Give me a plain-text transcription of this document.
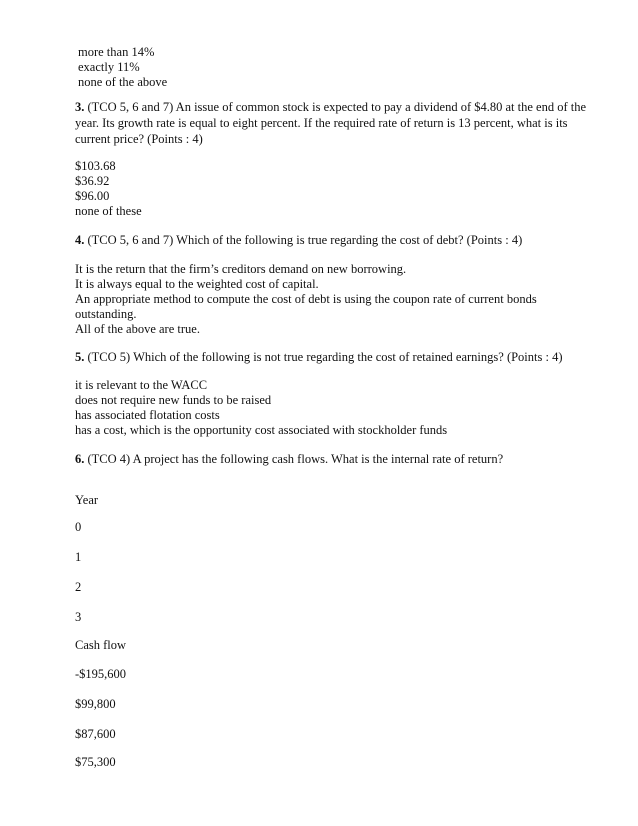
more than 14%
exactly 11%
none of the above
3. (TCO 5, 6 and 7) An issue of common stock is expected to pay a dividend of $4.80 at the end of the
year. Its growth rate is equal to eight percent. If the required rate of return is 13 percent, what is its
current price? (Points : 4)
$103.68
$36.92
$96.00
none of these
4. (TCO 5, 6 and 7) Which of the following is true regarding the cost of debt? (Points : 4)
It is the return that the firm’s creditors demand on new borrowing.
It is always equal to the weighted cost of capital.
An appropriate method to compute the cost of debt is using the coupon rate of current bonds
outstanding.
All of the above are true.
5. (TCO 5) Which of the following is not true regarding the cost of retained earnings? (Points : 4)
it is relevant to the WACC
does not require new funds to be raised
has associated flotation costs
has a cost, which is the opportunity cost associated with stockholder funds
6. (TCO 4) A project has the following cash flows. What is the internal rate of return?
Year
0
1
2
3
Cash flow
-$195,600
$99,800
$87,600
$75,300
